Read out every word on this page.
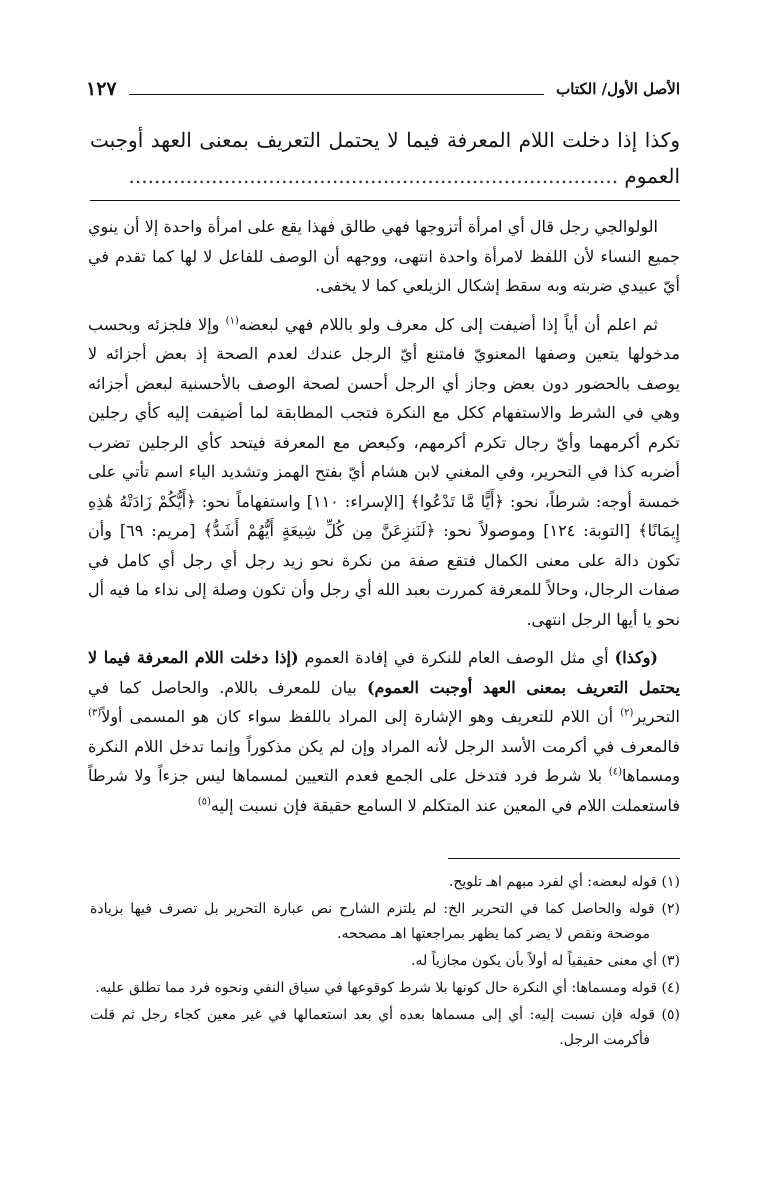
الأصل الأول/ الكتاب
١٢٧
وكذا إذا دخلت اللام المعرفة فيما لا يحتمل التعريف بمعنى العهد أوجبت العموم .............................................................................

الولوالجي رجل قال أي امرأة أتزوجها فهي طالق فهذا يقع على امرأة واحدة إلا أن ينوي جميع النساء لأن اللفظ لامرأة واحدة انتهى، ووجهه أن الوصف للفاعل لا لها كما تقدم في أيّ عبيدي ضربته وبه سقط إشكال الزيلعي كما لا يخفى.

ثم اعلم أن أياً إذا أضيفت إلى كل معرف ولو باللام فهي لبعضه$^{(١)}$ وإلا فلجزئه وبحسب مدخولها يتعين وصفها المعنويّ فامتنع أيّ الرجل عندك لعدم الصحة إذ بعض أجزائه لا يوصف بالحضور دون بعض وجاز أي الرجل أحسن لصحة الوصف بالأحسنية لبعض أجزائه وهي في الشرط والاستفهام ككل مع النكرة فتجب المطابقة لما أضيفت إليه كأي رجلين تكرم أكرمهما وأيّ رجال تكرم أكرمهم، وكبعض مع المعرفة فيتحد كأي الرجلين تضرب أضربه كذا في التحرير، وفي المغني لابن هشام أيّ بفتح الهمز وتشديد الياء اسم تأتي على خمسة أوجه: شرطاً، نحو: ﴿أَيًّا مَّا تَدْعُوا﴾ [الإسراء: ١١٠] واستفهاماً نحو: ﴿أَيُّكُمْ زَادَتْهُ هَٰذِهِ إِيمَانًا﴾ [التوبة: ١٢٤] وموصولاً نحو: ﴿لَنَنزِعَنَّ مِن كُلِّ شِيعَةٍ أَيُّهُمْ أَشَدُّ﴾ [مريم: ٦٩] وأن تكون دالة على معنى الكمال فتقع صفة من نكرة نحو زيد رجل أي رجل أي كامل في صفات الرجال، وحالاً للمعرفة كمررت بعبد الله أي رجل وأن تكون وصلة إلى نداء ما فيه أل نحو يا أيها الرجل انتهى.

(وكذا) أي مثل الوصف العام للنكرة في إفادة العموم (إذا دخلت اللام المعرفة فيما لا يحتمل التعريف بمعنى العهد أوجبت العموم) بيان للمعرف باللام. والحاصل كما في التحرير$^{(٢)}$ أن اللام للتعريف وهو الإشارة إلى المراد باللفظ سواء كان هو المسمى أولاً$^{(٣)}$ فالمعرف في أكرمت الأسد الرجل لأنه المراد وإن لم يكن مذكوراً وإنما تدخل اللام النكرة ومسماها$^{(٤)}$ بلا شرط فرد فتدخل على الجمع فعدم التعيين لمسماها ليس جزءاً ولا شرطاً فاستعملت اللام في المعين عند المتكلم لا السامع حقيقة فإن نسبت إليه$^{(٥)}$

(١) قوله لبعضه: أي لفرد مبهم اهـ تلويح.
(٢) قوله والحاصل كما في التحرير الخ: لم يلتزم الشارح نص عبارة التحرير بل تصرف فيها بزيادة موضحة ونقص لا يضر كما يظهر بمراجعتها اهـ مصححه.
(٣) أي معنى حقيقياً له أولاً بأن يكون مجازياً له.
(٤) قوله ومسماها: أي النكرة حال كونها بلا شرط كوقوعها في سياق النفي ونحوه فرد مما تطلق عليه.
(٥) قوله فإن نسبت إليه: أي إلى مسماها بعده أي بعد استعمالها في غير معين كجاء رجل ثم قلت فأكرمت الرجل.
